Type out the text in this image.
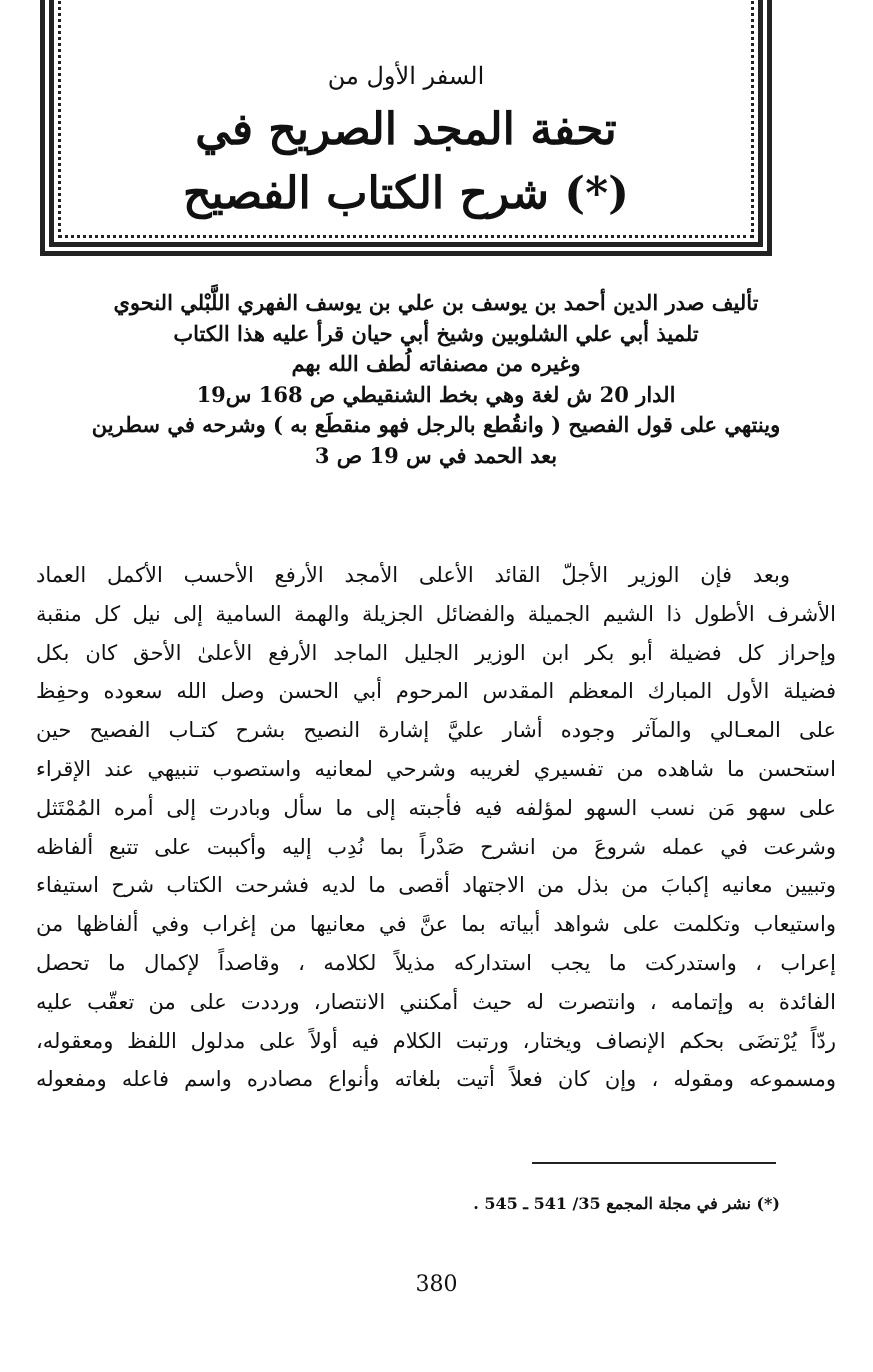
السفر الأول من
تحفة المجد الصريح في
شرح الكتاب الفصيح (*)
تأليف صدر الدين أحمد بن يوسف بن علي بن يوسف الفهري اللَّبْلي النحوي
تلميذ أبي علي الشلوبين وشيخ أبي حيان قرأ عليه هذا الكتاب
وغيره من مصنفاته لُطف الله بهم
الدار 20 ش لغة وهي بخط الشنقيطي ص 168 س19
وينتهي على قول الفصيح ( وانقُطع بالرجل فهو منقطَع به ) وشرحه في سطرين
بعد الحمد في س 19 ص 3
وبعد فإن الوزير الأجلّ القائد الأعلى الأمجد الأرفع الأحسب الأكمل العماد
الأشرف الأطول ذا الشيم الجميلة والفضائل الجزيلة والهمة السامية إلى نيل كل منقبة
وإحراز كل فضيلة أبو بكر ابن الوزير الجليل الماجد الأرفع الأعلىٰ الأحق كان بكل
فضيلة الأول المبارك المعظم المقدس المرحوم أبي الحسن وصل الله سعوده وحفِظ
على المعـالي والمآثر وجوده أشار عليَّ إشارة النصيح بشرح كتـاب الفصيح حين
استحسن ما شاهده من تفسيري لغريبه وشرحي لمعانيه واستصوب تنبيهي عند الإقراء
على سهو مَن نسب السهو لمؤلفه فيه فأجبته إلى ما سأل وبادرت إلى أمره المُمْتَثل
وشرعت في عمله شروعَ من انشرح صَدْراً بما نُدِب إليه وأكببت على تتبع ألفاظه
وتبيين معانيه إكبابَ من بذل من الاجتهاد أقصى ما لديه فشرحت الكتاب شرح استيفاء
واستيعاب وتكلمت على شواهد أبياته بما عنَّ في معانيها من إغراب وفي ألفاظها من
إعراب ، واستدركت ما يجب استداركه مذيلاً لكلامه ، وقاصداً لإكمال ما تحصل
الفائدة به وإتمامه ، وانتصرت له حيث أمكنني الانتصار، ورددت على من تعقّب عليه
ردّاً يُرْتضَى بحكم الإنصاف ويختار، ورتبت الكلام فيه أولاً على مدلول اللفظ ومعقوله،
ومسموعه ومقوله ، وإن كان فعلاً أتيت بلغاته وأنواع مصادره واسم فاعله ومفعوله
(*) نشر في مجلة المجمع 35/ 541 ـ 545 .
380
